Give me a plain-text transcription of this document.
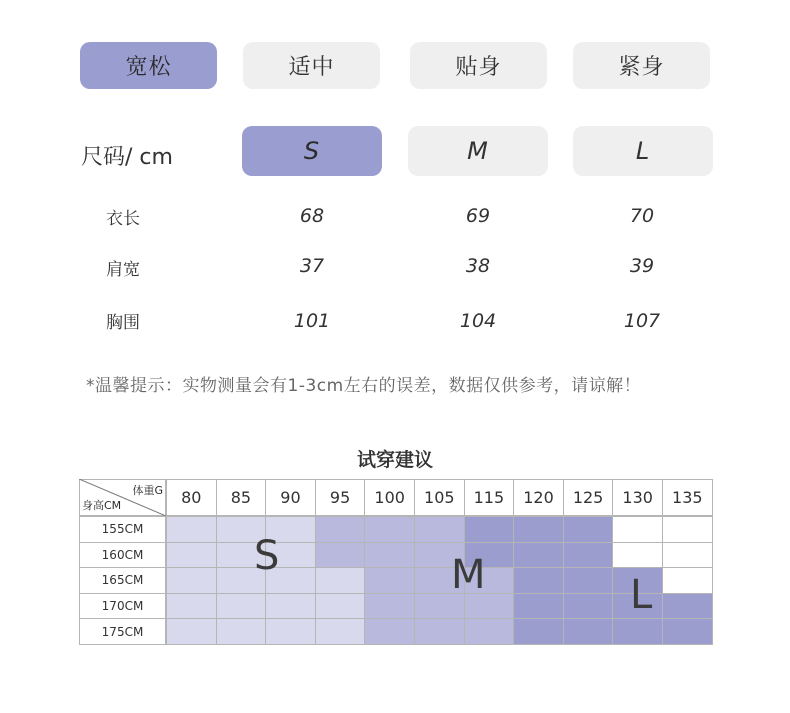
宽松	适中	贴身	紧身
尺码/ cm	S	M	L
衣长	68	69	70
肩宽	37	38	39
胸围	101	104	107
*温馨提示：实物测量会有1-3cm左右的误差，数据仅供参考，请谅解！
试穿建议
体重G
身高CM	80	85	90	95	100	105	115	120	125	130	135
155CM
160CM
165CM
170CM
175CM
S	M	L
